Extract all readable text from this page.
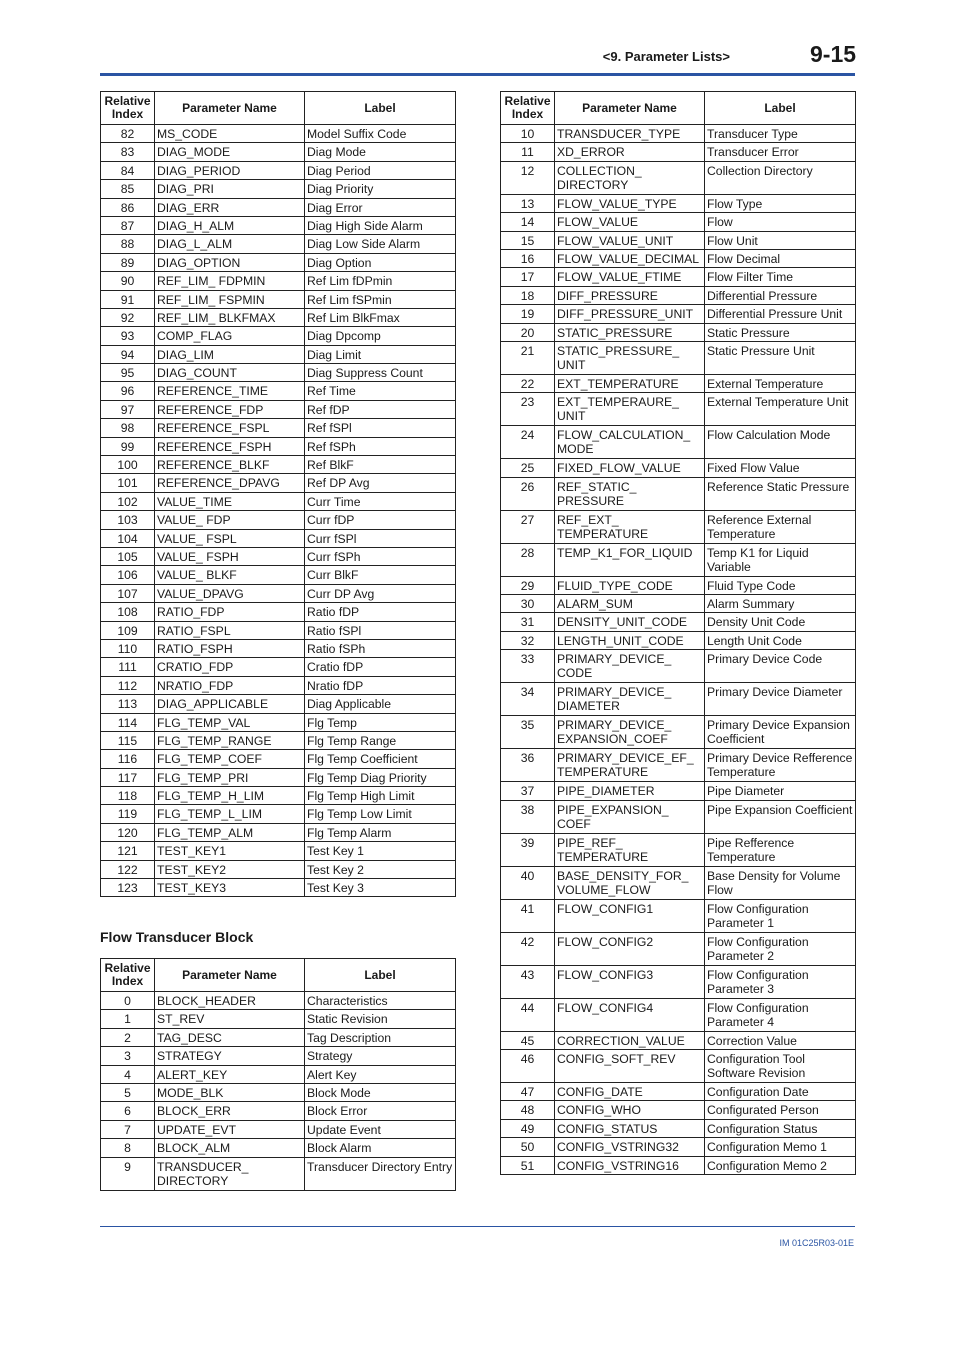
<9. Parameter Lists>	9-15
Relative Index	Parameter Name	Label
82	MS_CODE	Model Suffix Code
83	DIAG_MODE	Diag Mode
84	DIAG_PERIOD	Diag Period
85	DIAG_PRI	Diag Priority
86	DIAG_ERR	Diag Error
87	DIAG_H_ALM	Diag High Side Alarm
88	DIAG_L_ALM	Diag Low Side Alarm
89	DIAG_OPTION	Diag Option
90	REF_LIM_ FDPMIN	Ref Lim fDPmin
91	REF_LIM_ FSPMIN	Ref Lim fSPmin
92	REF_LIM_ BLKFMAX	Ref Lim BlkFmax
93	COMP_FLAG	Diag Dpcomp
94	DIAG_LIM	Diag Limit
95	DIAG_COUNT	Diag Suppress Count
96	REFERENCE_TIME	Ref Time
97	REFERENCE_FDP	Ref fDP
98	REFERENCE_FSPL	Ref fSPl
99	REFERENCE_FSPH	Ref fSPh
100	REFERENCE_BLKF	Ref BlkF
101	REFERENCE_DPAVG	Ref DP Avg
102	VALUE_TIME	Curr Time
103	VALUE_ FDP	Curr fDP
104	VALUE_ FSPL	Curr fSPl
105	VALUE_ FSPH	Curr fSPh
106	VALUE_ BLKF	Curr BlkF
107	VALUE_DPAVG	Curr DP Avg
108	RATIO_FDP	Ratio fDP
109	RATIO_FSPL	Ratio fSPl
110	RATIO_FSPH	Ratio fSPh
111	CRATIO_FDP	Cratio fDP
112	NRATIO_FDP	Nratio fDP
113	DIAG_APPLICABLE	Diag Applicable
114	FLG_TEMP_VAL	Flg Temp
115	FLG_TEMP_RANGE	Flg Temp Range
116	FLG_TEMP_COEF	Flg Temp Coefficient
117	FLG_TEMP_PRI	Flg Temp Diag Priority
118	FLG_TEMP_H_LIM	Flg Temp High Limit
119	FLG_TEMP_L_LIM	Flg Temp Low Limit
120	FLG_TEMP_ALM	Flg Temp Alarm
121	TEST_KEY1	Test Key 1
122	TEST_KEY2	Test Key 2
123	TEST_KEY3	Test Key 3
Flow Transducer Block
Relative Index	Parameter Name	Label
0	BLOCK_HEADER	Characteristics
1	ST_REV	Static Revision
2	TAG_DESC	Tag Description
3	STRATEGY	Strategy
4	ALERT_KEY	Alert Key
5	MODE_BLK	Block Mode
6	BLOCK_ERR	Block Error
7	UPDATE_EVT	Update Event
8	BLOCK_ALM	Block Alarm
9	TRANSDUCER_ DIRECTORY	Transducer Directory Entry
Relative Index	Parameter Name	Label
10	TRANSDUCER_TYPE	Transducer Type
11	XD_ERROR	Transducer Error
12	COLLECTION_ DIRECTORY	Collection Directory
13	FLOW_VALUE_TYPE	Flow Type
14	FLOW_VALUE	Flow
15	FLOW_VALUE_UNIT	Flow Unit
16	FLOW_VALUE_DECIMAL	Flow Decimal
17	FLOW_VALUE_FTIME	Flow Filter Time
18	DIFF_PRESSURE	Differential Pressure
19	DIFF_PRESSURE_UNIT	Differential Pressure Unit
20	STATIC_PRESSURE	Static Pressure
21	STATIC_PRESSURE_ UNIT	Static Pressure Unit
22	EXT_TEMPERATURE	External Temperature
23	EXT_TEMPERAURE_ UNIT	External Temperature Unit
24	FLOW_CALCULATION_ MODE	Flow Calculation Mode
25	FIXED_FLOW_VALUE	Fixed Flow Value
26	REF_STATIC_ PRESSURE	Reference Static Pressure
27	REF_EXT_ TEMPERATURE	Reference External Temperature
28	TEMP_K1_FOR_LIQUID	Temp K1 for Liquid Variable
29	FLUID_TYPE_CODE	Fluid Type Code
30	ALARM_SUM	Alarm Summary
31	DENSITY_UNIT_CODE	Density Unit Code
32	LENGTH_UNIT_CODE	Length Unit Code
33	PRIMARY_DEVICE_ CODE	Primary Device Code
34	PRIMARY_DEVICE_ DIAMETER	Primary Device Diameter
35	PRIMARY_DEVICE_ EXPANSION_COEF	Primary Device Expansion Coefficient
36	PRIMARY_DEVICE_EF_ TEMPERATURE	Primary Device Refference Temperature
37	PIPE_DIAMETER	Pipe Diameter
38	PIPE_EXPANSION_ COEF	Pipe Expansion Coefficient
39	PIPE_REF_ TEMPERATURE	Pipe Refference Temperature
40	BASE_DENSITY_FOR_ VOLUME_FLOW	Base Density for Volume Flow
41	FLOW_CONFIG1	Flow Configuration Parameter 1
42	FLOW_CONFIG2	Flow Configuration Parameter 2
43	FLOW_CONFIG3	Flow Configuration Parameter 3
44	FLOW_CONFIG4	Flow Configuration Parameter 4
45	CORRECTION_VALUE	Correction Value
46	CONFIG_SOFT_REV	Configuration Tool Software Revision
47	CONFIG_DATE	Configuration Date
48	CONFIG_WHO	Configurated Person
49	CONFIG_STATUS	Configuration Status
50	CONFIG_VSTRING32	Configuration Memo 1
51	CONFIG_VSTRING16	Configuration Memo 2
IM 01C25R03-01E
